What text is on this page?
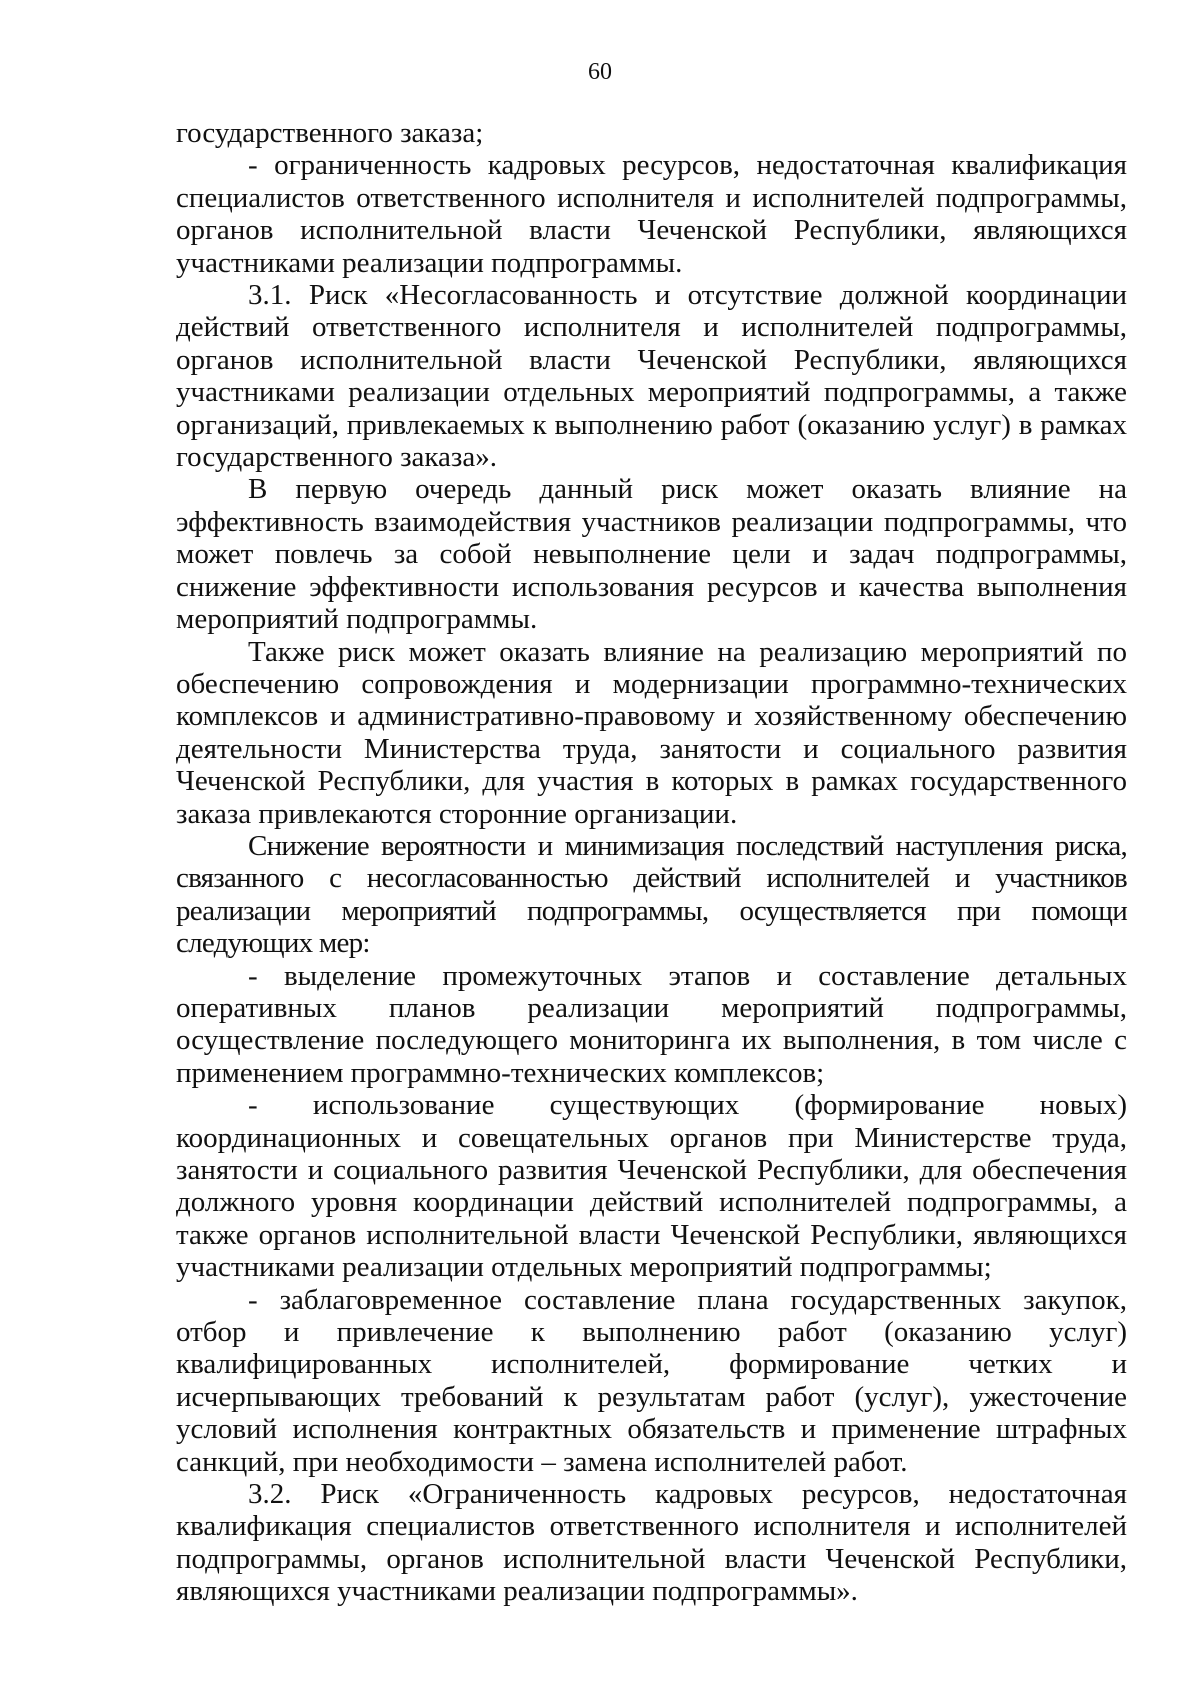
60

государственного заказа;

- ограниченность кадровых ресурсов, недостаточная квалификация специалистов ответственного исполнителя и исполнителей подпрограммы, органов исполнительной власти Чеченской Республики, являющихся участниками реализации подпрограммы.

3.1. Риск «Несогласованность и отсутствие должной координации действий ответственного исполнителя и исполнителей подпрограммы, органов исполнительной власти Чеченской Республики, являющихся участниками реализации отдельных мероприятий подпрограммы, а также организаций, привлекаемых к выполнению работ (оказанию услуг) в рамках государственного заказа».

В первую очередь данный риск может оказать влияние на эффективность взаимодействия участников реализации подпрограммы, что может повлечь за собой невыполнение цели и задач подпрограммы, снижение эффективности использования ресурсов и качества выполнения мероприятий подпрограммы.

Также риск может оказать влияние на реализацию мероприятий по обеспечению сопровождения и модернизации программно-технических комплексов и административно-правовому и хозяйственному обеспечению деятельности Министерства труда, занятости и социального развития Чеченской Республики, для участия в которых в рамках государственного заказа привлекаются сторонние организации.

Снижение вероятности и минимизация последствий наступления риска, связанного с несогласованностью действий исполнителей и участников реализации мероприятий подпрограммы, осуществляется при помощи следующих мер:

- выделение промежуточных этапов и составление детальных оперативных планов реализации мероприятий подпрограммы, осуществление последующего мониторинга их выполнения, в том числе с применением программно-технических комплексов;

- использование существующих (формирование новых) координационных и совещательных органов при Министерстве труда, занятости и социального развития Чеченской Республики, для обеспечения должного уровня координации действий исполнителей подпрограммы, а также органов исполнительной власти Чеченской Республики, являющихся участниками реализации отдельных мероприятий подпрограммы;

- заблаговременное составление плана государственных закупок, отбор и привлечение к выполнению работ (оказанию услуг) квалифицированных исполнителей, формирование четких и исчерпывающих требований к результатам работ (услуг), ужесточение условий исполнения контрактных обязательств и применение штрафных санкций, при необходимости – замена исполнителей работ.

3.2. Риск «Ограниченность кадровых ресурсов, недостаточная квалификация специалистов ответственного исполнителя и исполнителей подпрограммы, органов исполнительной власти Чеченской Республики, являющихся участниками реализации подпрограммы».
